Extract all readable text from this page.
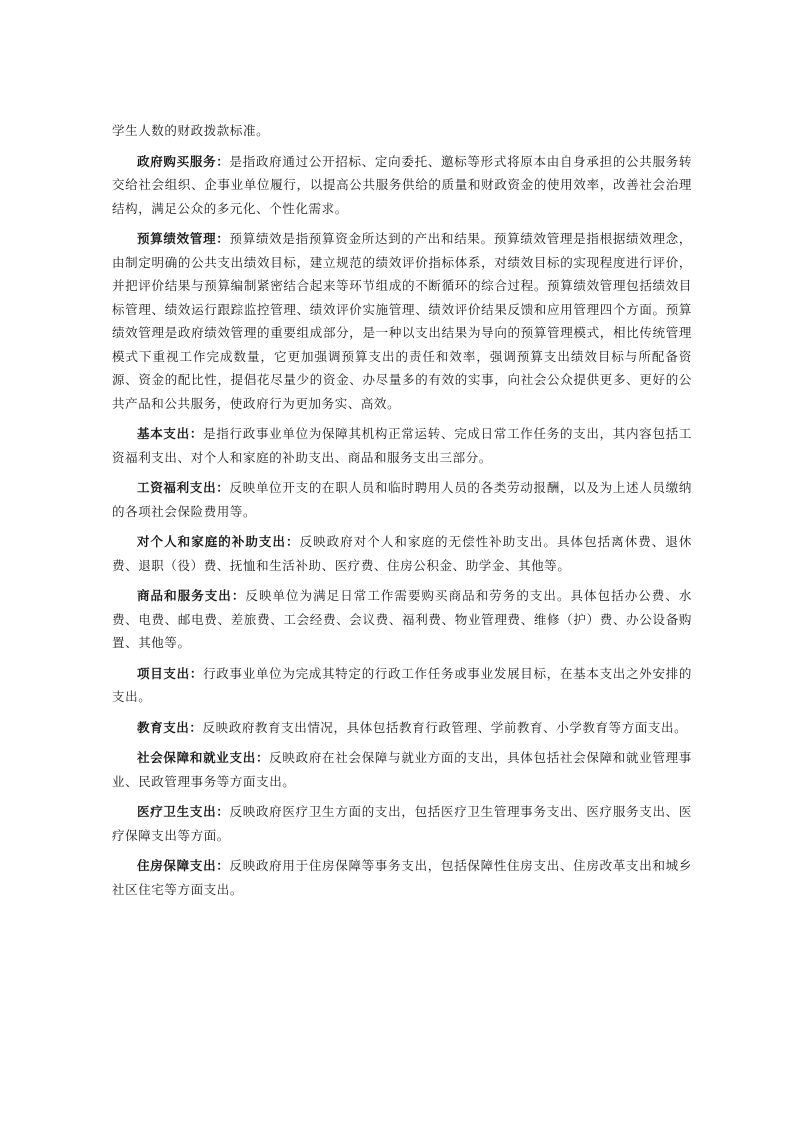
学生人数的财政拨款标准。

政府购买服务：是指政府通过公开招标、定向委托、邀标等形式将原本由自身承担的公共服务转交给社会组织、企事业单位履行，以提高公共服务供给的质量和财政资金的使用效率，改善社会治理结构，满足公众的多元化、个性化需求。

预算绩效管理：预算绩效是指预算资金所达到的产出和结果。预算绩效管理是指根据绩效理念，由制定明确的公共支出绩效目标，建立规范的绩效评价指标体系，对绩效目标的实现程度进行评价，并把评价结果与预算编制紧密结合起来等环节组成的不断循环的综合过程。预算绩效管理包括绩效目标管理、绩效运行跟踪监控管理、绩效评价实施管理、绩效评价结果反馈和应用管理四个方面。预算绩效管理是政府绩效管理的重要组成部分，是一种以支出结果为导向的预算管理模式，相比传统管理模式下重视工作完成数量，它更加强调预算支出的责任和效率，强调预算支出绩效目标与所配备资源、资金的配比性，提倡花尽量少的资金、办尽量多的有效的实事，向社会公众提供更多、更好的公共产品和公共服务，使政府行为更加务实、高效。

基本支出：是指行政事业单位为保障其机构正常运转、完成日常工作任务的支出，其内容包括工资福利支出、对个人和家庭的补助支出、商品和服务支出三部分。

工资福利支出：反映单位开支的在职人员和临时聘用人员的各类劳动报酬，以及为上述人员缴纳的各项社会保险费用等。

对个人和家庭的补助支出：反映政府对个人和家庭的无偿性补助支出。具体包括离休费、退休费、退职（役）费、抚恤和生活补助、医疗费、住房公积金、助学金、其他等。

商品和服务支出：反映单位为满足日常工作需要购买商品和劳务的支出。具体包括办公费、水费、电费、邮电费、差旅费、工会经费、会议费、福利费、物业管理费、维修（护）费、办公设备购置、其他等。

项目支出：行政事业单位为完成其特定的行政工作任务或事业发展目标，在基本支出之外安排的支出。

教育支出：反映政府教育支出情况，具体包括教育行政管理、学前教育、小学教育等方面支出。

社会保障和就业支出：反映政府在社会保障与就业方面的支出，具体包括社会保障和就业管理事业、民政管理事务等方面支出。

医疗卫生支出：反映政府医疗卫生方面的支出，包括医疗卫生管理事务支出、医疗服务支出、医疗保障支出等方面。

住房保障支出：反映政府用于住房保障等事务支出，包括保障性住房支出、住房改革支出和城乡社区住宅等方面支出。
